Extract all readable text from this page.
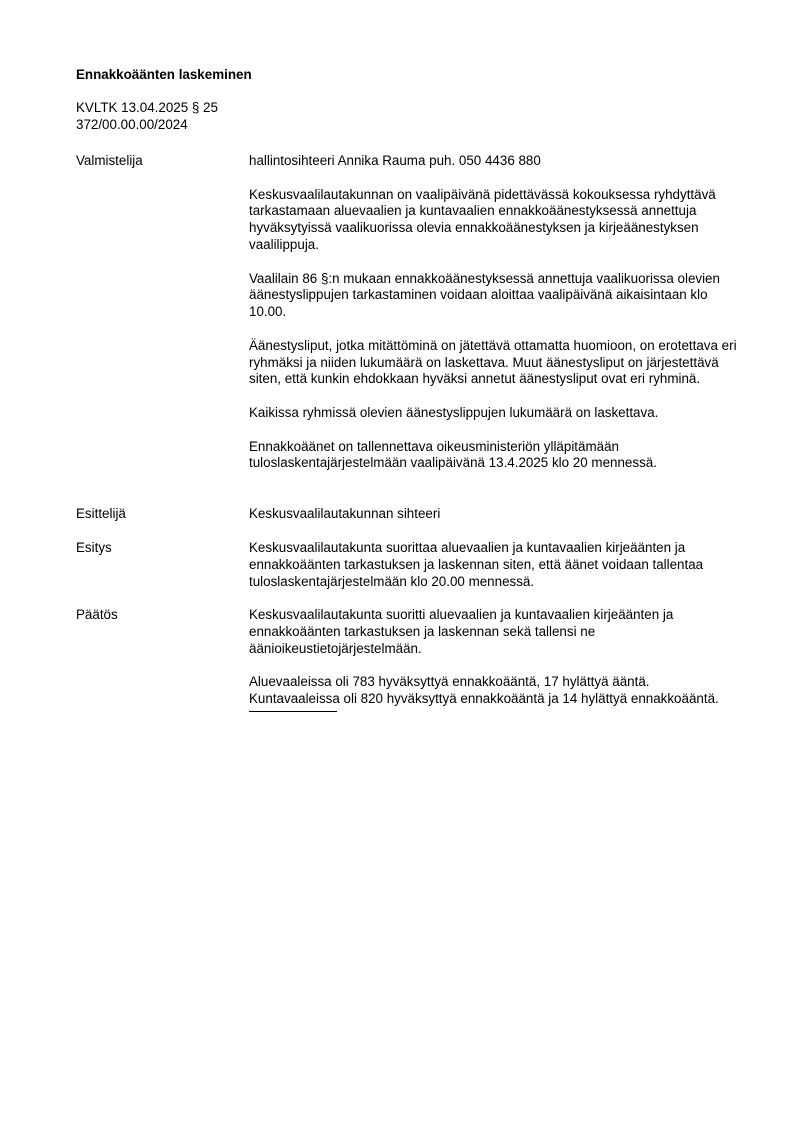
Ennakkoäänten laskeminen
KVLTK 13.04.2025 § 25
372/00.00.00/2024
Valmistelija	hallintosihteeri Annika Rauma puh. 050 4436 880

Keskusvaalilautakunnan on vaalipäivänä pidettävässä kokouksessa ryhdyttävä tarkastamaan aluevaalien ja kuntavaalien ennakkoäänestyksessä annettuja hyväksytyissä vaalikuorissa olevia ennakkoäänestyksen ja kirjeäänestyksen vaalilippuja.

Vaalilain 86 §:n mukaan ennakkoäänestyksessä annettuja vaalikuorissa olevien äänestyslippujen tarkastaminen voidaan aloittaa vaalipäivänä aikaisintaan klo 10.00.

Äänestysliput, jotka mitättöminä on jätettävä ottamatta huomioon, on erotettava eri ryhmäksi ja niiden lukumäärä on laskettava. Muut äänestysliput on järjestettävä siten, että kunkin ehdokkaan hyväksi annetut äänestysliput ovat eri ryhminä.

Kaikissa ryhmissä olevien äänestyslippujen lukumäärä on laskettava.

Ennakkoäänet on tallennettava oikeusministeriön ylläpitämään tuloslaskentajärjestelmään vaalipäivänä 13.4.2025 klo 20 mennessä.

Esittelijä	Keskusvaalilautakunnan sihteeri

Esitys	Keskusvaalilautakunta suorittaa aluevaalien ja kuntavaalien kirjeäänten ja ennakkoäänten tarkastuksen ja laskennan siten, että äänet voidaan tallentaa tuloslaskentajärjestelmään klo 20.00 mennessä.

Päätös	Keskusvaalilautakunta suoritti aluevaalien ja kuntavaalien kirjeäänten ja ennakkoäänten tarkastuksen ja laskennan sekä tallensi ne äänioikeustietojärjestelmään.

Aluevaaleissa oli 783 hyväksyttyä ennakkoääntä, 17 hylättyä ääntä. Kuntavaaleissa oli 820 hyväksyttyä ennakkoääntä ja 14 hylättyä ennakkoääntä.
